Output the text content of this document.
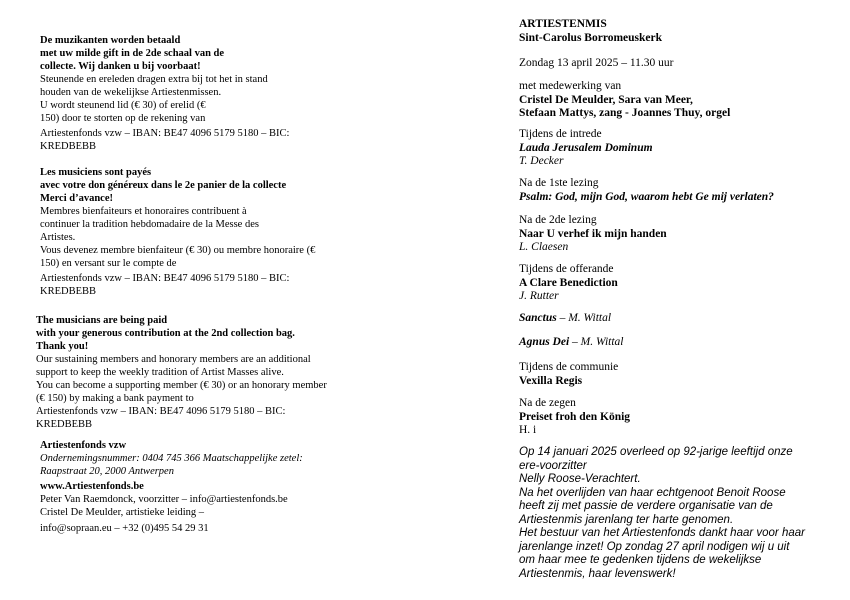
De muzikanten worden betaald
met uw milde gift in de 2de schaal van de
collecte. Wij danken u bij voorbaat!
Steunende en ereleden dragen extra bij tot het in stand
houden van de wekelijkse Artiestenmissen.
U wordt steunend lid (€ 30) of erelid (€
150) door te storten op de rekening van
Artiestenfonds vzw – IBAN: BE47 4096 5179 5180 – BIC:
KREDBEBB
Les musiciens sont payés
avec votre don généreux dans le 2e panier de la collecte
Merci d’avance!
Membres bienfaiteurs et honoraires contribuent à
continuer la tradition hebdomadaire de la Messe des
Artistes.
Vous devenez membre bienfaiteur (€ 30) ou membre honoraire (€
150) en versant sur le compte de
Artiestenfonds vzw – IBAN: BE47 4096 5179 5180 – BIC:
KREDBEBB
The musicians are being paid
with your generous contribution at the 2nd collection bag.
Thank you!
Our sustaining members and honorary members are an additional
support to keep the weekly tradition of Artist Masses alive.
You can become a supporting member (€ 30) or an honorary member
(€ 150) by making a bank payment to
Artiestenfonds vzw – IBAN: BE47 4096 5179 5180 – BIC:
KREDBEBB
Artiestenfonds vzw
Ondernemingsnummer: 0404 745 366 Maatschappelijke zetel:
Raapstraat 20, 2000 Antwerpen
www.Artiestenfonds.be
Peter Van Raemdonck, voorzitter – info@artiestenfonds.be
Cristel De Meulder, artistieke leiding –
info@sopraan.eu – +32 (0)495 54 29 31
ARTIESTENMIS
Sint-Carolus Borromeuskerk
Zondag 13 april 2025 – 11.30 uur
met medewerking van
Cristel De Meulder, Sara van Meer,
Stefaan Mattys, zang - Joannes Thuy, orgel
Tijdens de intrede
Lauda Jerusalem Dominum
T. Decker
Na de 1ste lezing
Psalm: God, mijn God, waarom hebt Ge mij verlaten?
Na de 2de lezing
Naar U verhef ik mijn handen
L. Claesen
Tijdens de offerande
A Clare Benediction
J. Rutter
Sanctus – M. Wittal
Agnus Dei – M. Wittal
Tijdens de communie
Vexilla Regis
Na de zegen
Preiset froh den König
H. i
Op 14 januari 2025 overleed op 92-jarige leeftijd onze
ere-voorzitter
Nelly Roose-Verachtert.
Na het overlijden van haar echtgenoot Benoit Roose
heeft zij met passie de verdere organisatie van de
Artiestenmis jarenlang ter harte genomen.
Het bestuur van het Artiestenfonds dankt haar voor haar
jarenlange inzet! Op zondag 27 april nodigen wij u uit
om haar mee te gedenken tijdens de wekelijkse
Artiestenmis, haar levenswerk!
